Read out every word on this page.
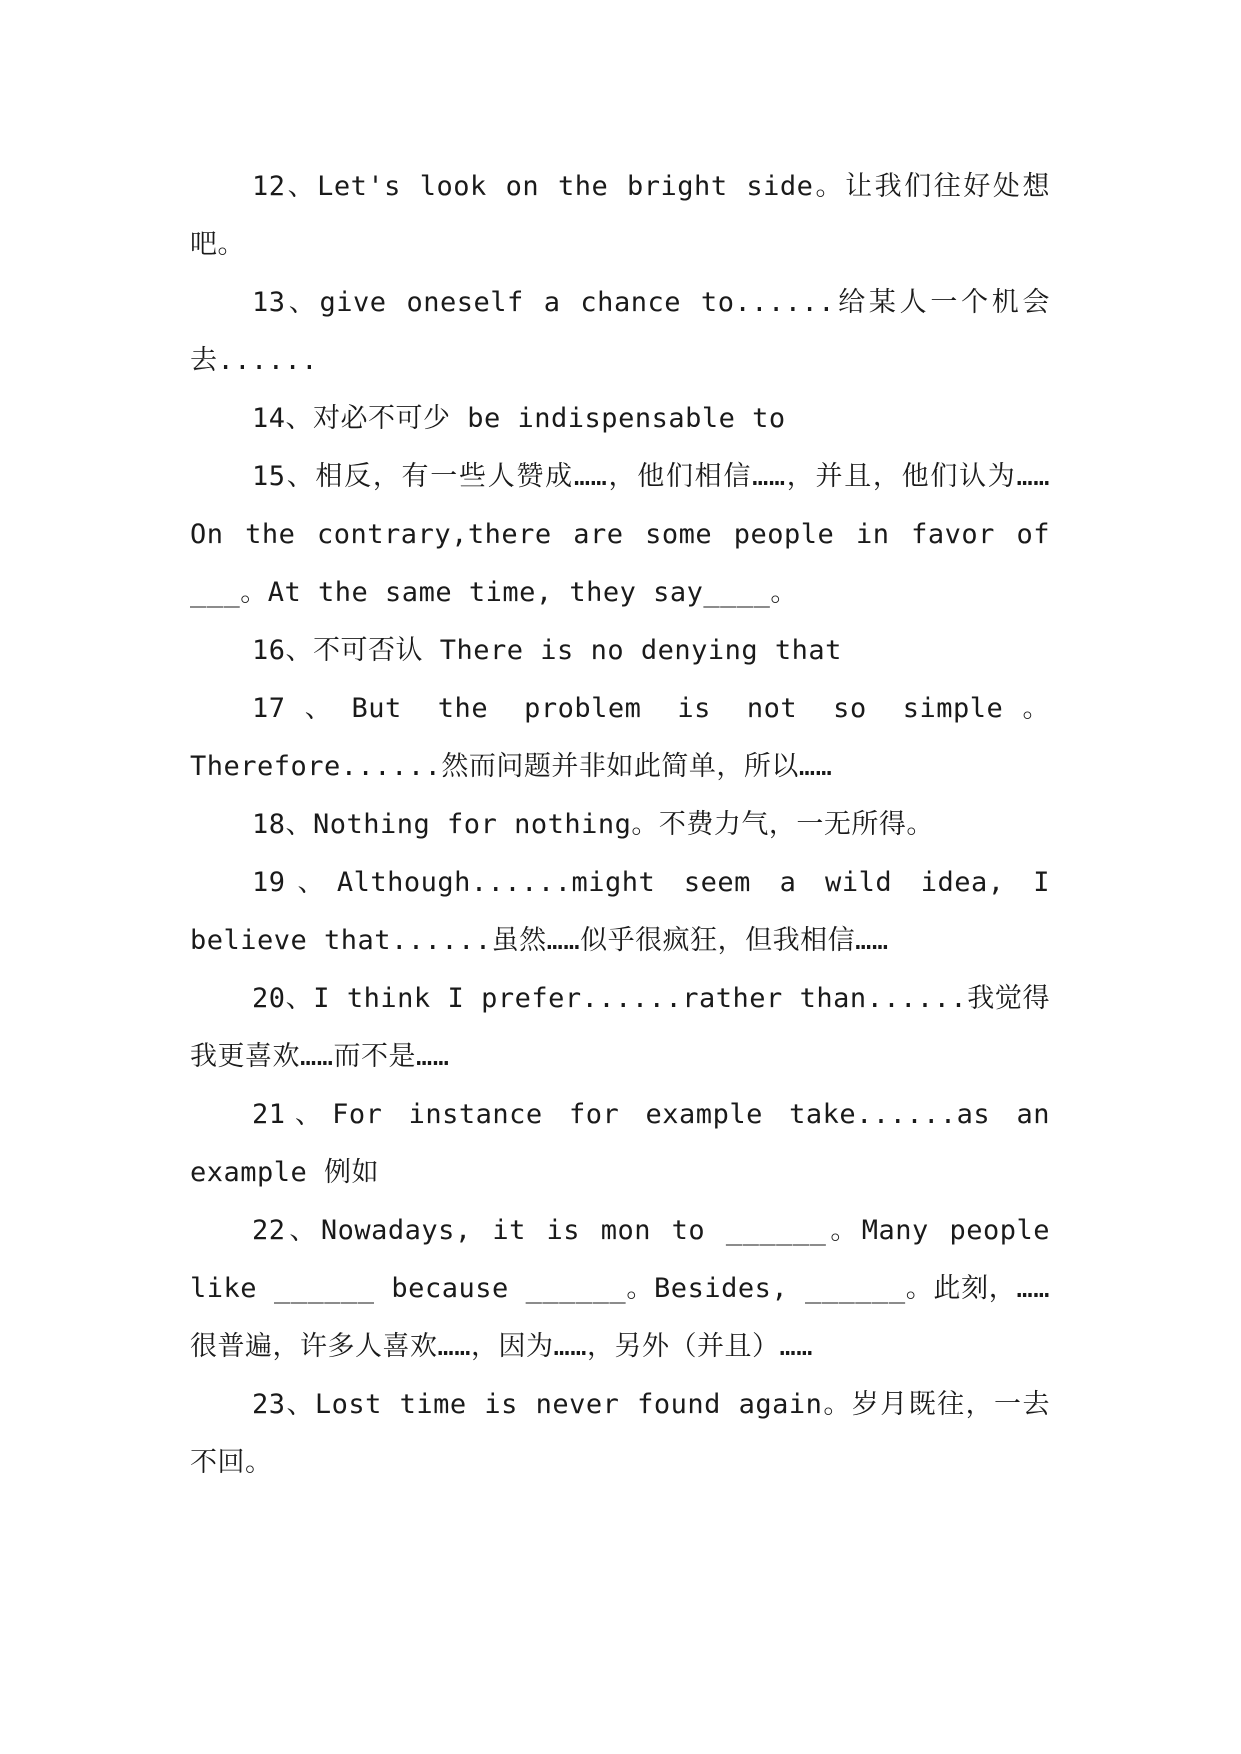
12、Let's look on the bright side。让我们往好处想吧。

13、give oneself a chance to......给某人一个机会去......

14、对必不可少 be indispensable to

15、相反，有一些人赞成……，他们相信……，并且，他们认为……On the contrary,there are some people in favor of ___。At the same time, they say____。

16、不可否认 There is no denying that

17、But the problem is not so simple。Therefore......然而问题并非如此简单，所以……

18、Nothing for nothing。不费力气，一无所得。

19、Although......might seem a wild idea, I believe that......虽然……似乎很疯狂，但我相信……

20、I think I prefer......rather than......我觉得我更喜欢……而不是……

21、For instance for example take......as an example 例如

22、Nowadays, it is mon to ______。Many people like ______ because ______。Besides, ______。此刻，……很普遍，许多人喜欢……，因为……，另外（并且）……

23、Lost time is never found again。岁月既往，一去不回。
